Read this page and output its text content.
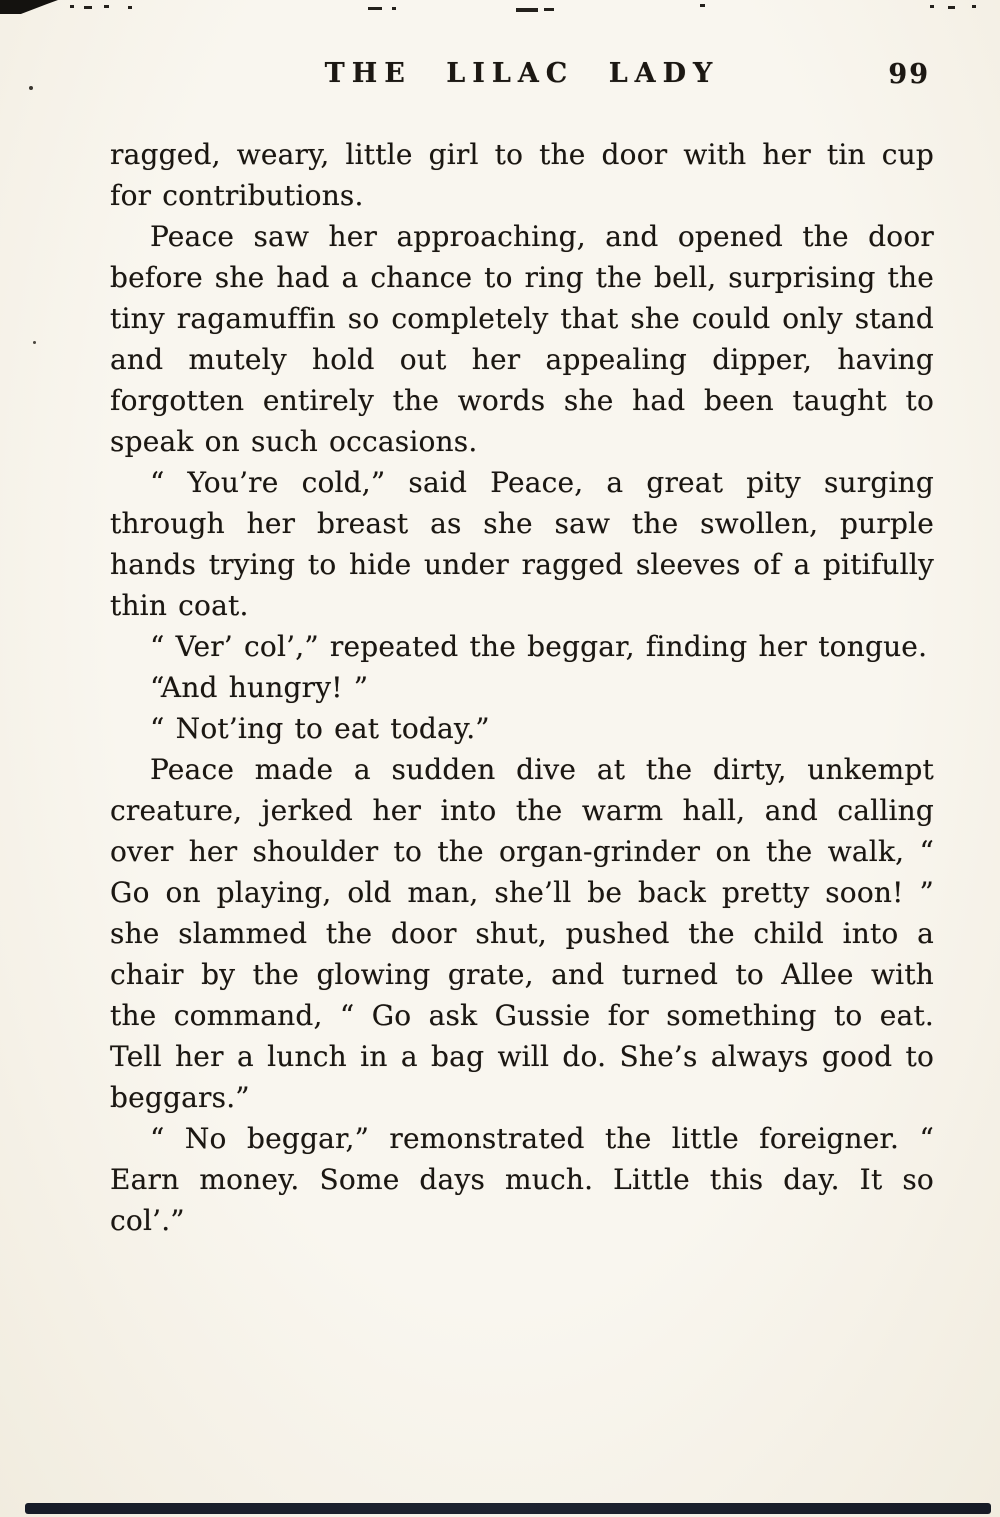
THE LILAC LADY	99

ragged, weary, little girl to the door with her tin cup for contributions.

Peace saw her approaching, and opened the door before she had a chance to ring the bell, surprising the tiny ragamuffin so completely that she could only stand and mutely hold out her appealing dipper, having forgotten entirely the words she had been taught to speak on such occasions.

“ You’re cold,” said Peace, a great pity surging through her breast as she saw the swollen, purple hands trying to hide under ragged sleeves of a pitifully thin coat.

“ Ver’ col’,” repeated the beggar, finding her tongue.

“And hungry! ”

“ Not’ing to eat today.”

Peace made a sudden dive at the dirty, unkempt creature, jerked her into the warm hall, and calling over her shoulder to the organ-grinder on the walk, “ Go on playing, old man, she’ll be back pretty soon! ” she slammed the door shut, pushed the child into a chair by the glowing grate, and turned to Allee with the command, “ Go ask Gussie for something to eat. Tell her a lunch in a bag will do. She’s always good to beggars.”

“ No beggar,” remonstrated the little foreigner. “ Earn money. Some days much. Little this day. It so col’.”
